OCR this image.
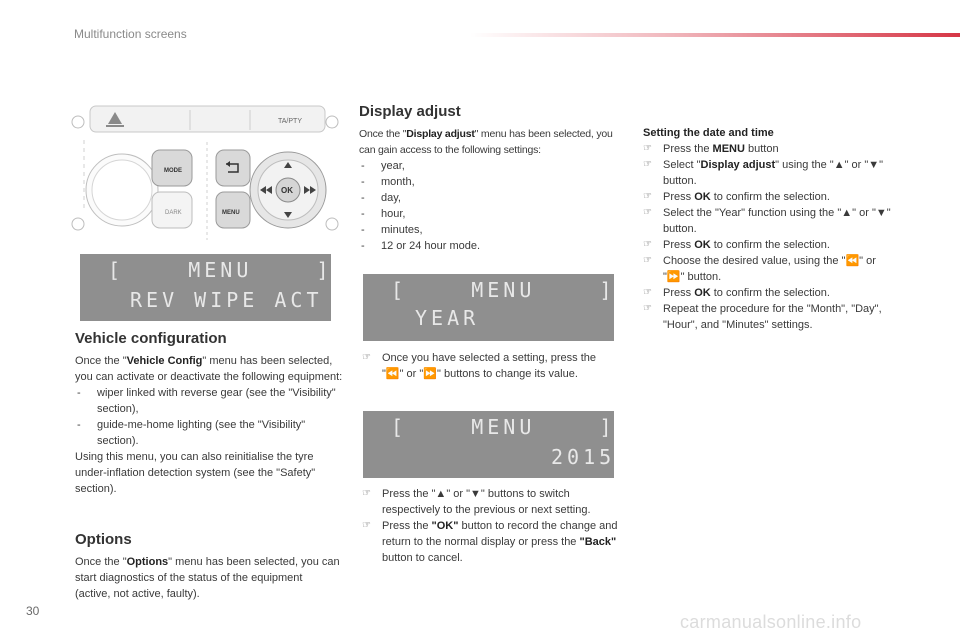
Multifunction screens
TA/PTY
MODE
DARK	MENU
OK
[    MENU    ]
REV WIPE ACT
Vehicle configuration
Once the "Vehicle Config" menu has been selected, you can activate or deactivate the following equipment:
- wiper linked with reverse gear (see the "Visibility" section),
- guide-me-home lighting (see the "Visibility" section).
Using this menu, you can also reinitialise the tyre under-inflation detection system (see the "Safety" section).
Options
Once the "Options" menu has been selected, you can start diagnostics of the status of the equipment (active, not active, faulty).
Display adjust
Once the "Display adjust" menu has been selected, you can gain access to the following settings:
- year,
- month,
- day,
- hour,
- minutes,
- 12 or 24 hour mode.
[    MENU    ]
YEAR
☞ Once you have selected a setting, press the "⏪" or "⏩" buttons to change its value.
[    MENU    ]
2015
☞ Press the "▲" or "▼" buttons to switch respectively to the previous or next setting.
☞ Press the "OK" button to record the change and return to the normal display or press the "Back" button to cancel.
Setting the date and time
☞ Press the MENU button
☞ Select "Display adjust" using the "▲" or "▼" button.
☞ Press OK to confirm the selection.
☞ Select the "Year" function using the "▲" or "▼" button.
☞ Press OK to confirm the selection.
☞ Choose the desired value, using the "⏪" or "⏩" button.
☞ Press OK to confirm the selection.
☞ Repeat the procedure for the "Month", "Day", "Hour", and "Minutes" settings.
30
carmanualsonline.info
